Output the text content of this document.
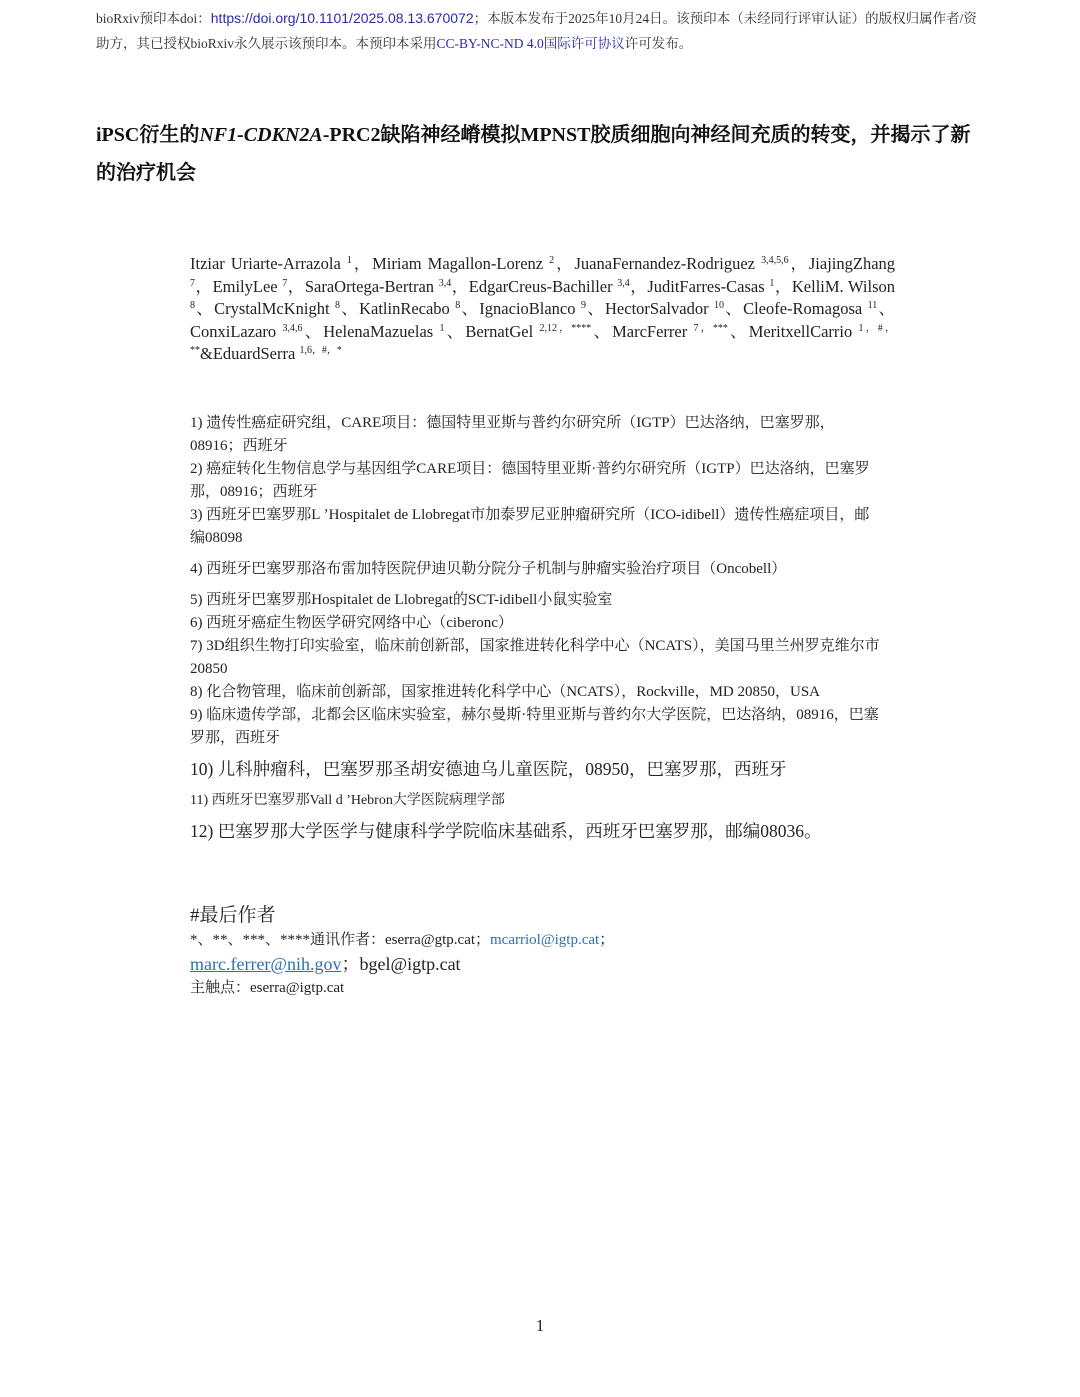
bioRxiv预印本doi：https://doi.org/10.1101/2025.08.13.670072；本版本发布于2025年10月24日。该预印本（未经同行评审认证）的版权归属作者/资助方，其已授权bioRxiv永久展示该预印本。本预印本采用CC-BY-NC-ND 4.0国际许可协议许可发布。
iPSC衍生的NF1-CDKN2A-PRC2缺陷神经嵴模拟MPNST胶质细胞向神经间充质的转变，并揭示了新的治疗机会
Itziar Uriarte-Arrazola $^1$，Miriam Magallon-Lorenz $^2$，JuanaFernandez-Rodriguez $^{3,4,5,6}$，JiajingZhang $^7$，EmilyLee $^7$，SaraOrtega-Bertran $^{3,4}$，EdgarCreus-Bachiller $^{3,4}$，JuditFarres-Casas $^1$，KelliM. Wilson $^8$、CrystalMcKnight $^8$、KatlinRecabo $^8$、IgnacioBlanco $^9$、HectorSalvador $^{10}$、Cleofe-Romagosa $^{11}$、ConxiLazaro $^{3,4,6}$、HelenaMazuelas $^1$、BernatGel $^{2,12,****}$、MarcFerrer $^{7,***}$、MeritxellCarrio $^{1,\#,**}$&EduardSerra $^{1,6,\#,*}$

1) 遗传性癌症研究组，CARE项目：德国特里亚斯与普约尔研究所（IGTP）巴达洛纳，巴塞罗那，08916；西班牙

2) 癌症转化生物信息学与基因组学CARE项目：德国特里亚斯·普约尔研究所（IGTP）巴达洛纳，巴塞罗那，08916；西班牙

3) 西班牙巴塞罗那L ʼHospitalet de Llobregat市加泰罗尼亚肿瘤研究所（ICO-idibell）遗传性癌症项目，邮编08098

4) 西班牙巴塞罗那洛布雷加特医院伊迪贝勒分院分子机制与肿瘤实验治疗项目（Oncobell）

5) 西班牙巴塞罗那Hospitalet de Llobregat的SCT-idibell小鼠实验室

6) 西班牙癌症生物医学研究网络中心（ciberonc）

7) 3D组织生物打印实验室，临床前创新部，国家推进转化科学中心（NCATS），美国马里兰州罗克维尔市20850

8) 化合物管理，临床前创新部，国家推进转化科学中心（NCATS），Rockville，MD 20850，USA

9) 临床遗传学部，北都会区临床实验室，赫尔曼斯·特里亚斯与普约尔大学医院，巴达洛纳，08916，巴塞罗那，西班牙

10) 儿科肿瘤科，巴塞罗那圣胡安德迪乌儿童医院，08950，巴塞罗那，西班牙

11) 西班牙巴塞罗那Vall d ʼHebron大学医院病理学部

12) 巴塞罗那大学医学与健康科学学院临床基础系，西班牙巴塞罗那，邮编08036。

#最后作者
*、**、***、****通讯作者：eserra@gtp.cat；mcarriol@igtp.cat；
marc.ferrer@nih.gov；bgel@igtp.cat
主触点：eserra@igtp.cat
1
